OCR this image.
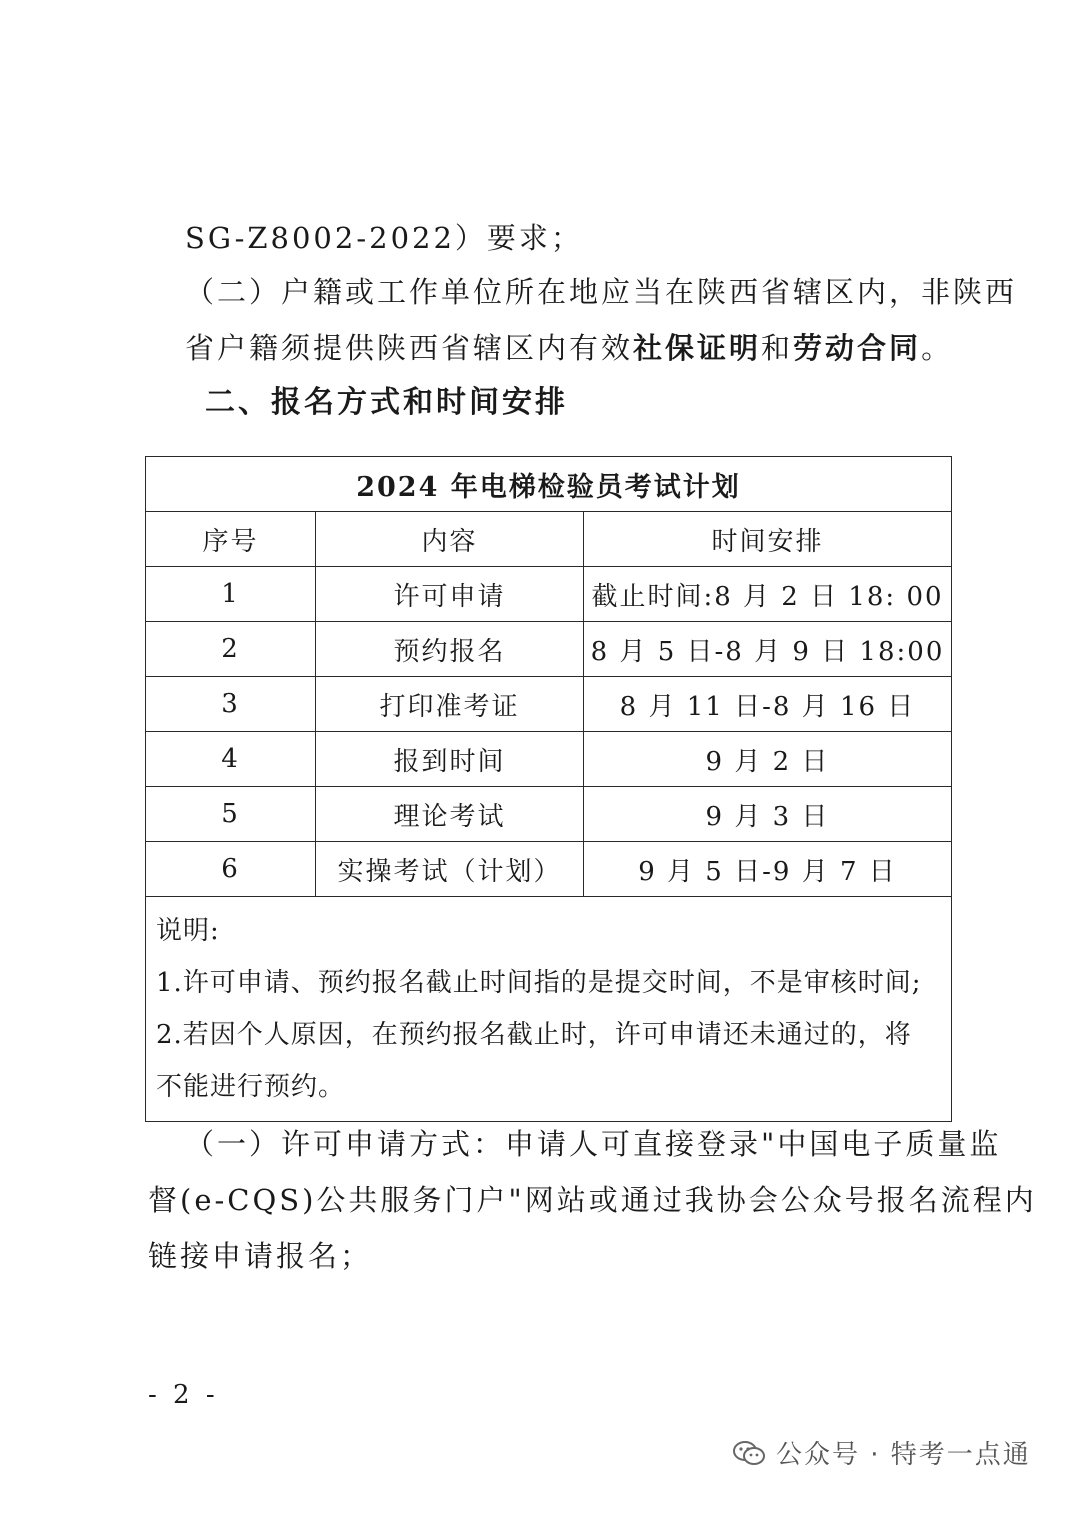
SG-Z8002-2022）要求；
（二）户籍或工作单位所在地应当在陕西省辖区内，非陕西
省户籍须提供陕西省辖区内有效社保证明和劳动合同。
二、报名方式和时间安排
2024 年电梯检验员考试计划		
序号	内容	时间安排
1	许可申请	截止时间:8 月 2 日 18: 00
2	预约报名	8 月 5 日-8 月 9 日 18:00
3	打印准考证	8 月 11 日-8 月 16 日
4	报到时间	9 月 2 日
5	理论考试	9 月 3 日
6	实操考试（计划）	9 月 5 日-9 月 7 日

说明:
1.许可申请、预约报名截止时间指的是提交时间，不是审核时间;
2.若因个人原因，在预约报名截止时，许可申请还未通过的，将
不能进行预约。		
（一）许可申请方式：申请人可直接登录"中国电子质量监
督(e-CQS)公共服务门户"网站或通过我协会公众号报名流程内
链接申请报名；
- 2 -
公众号 · 特考一点通
